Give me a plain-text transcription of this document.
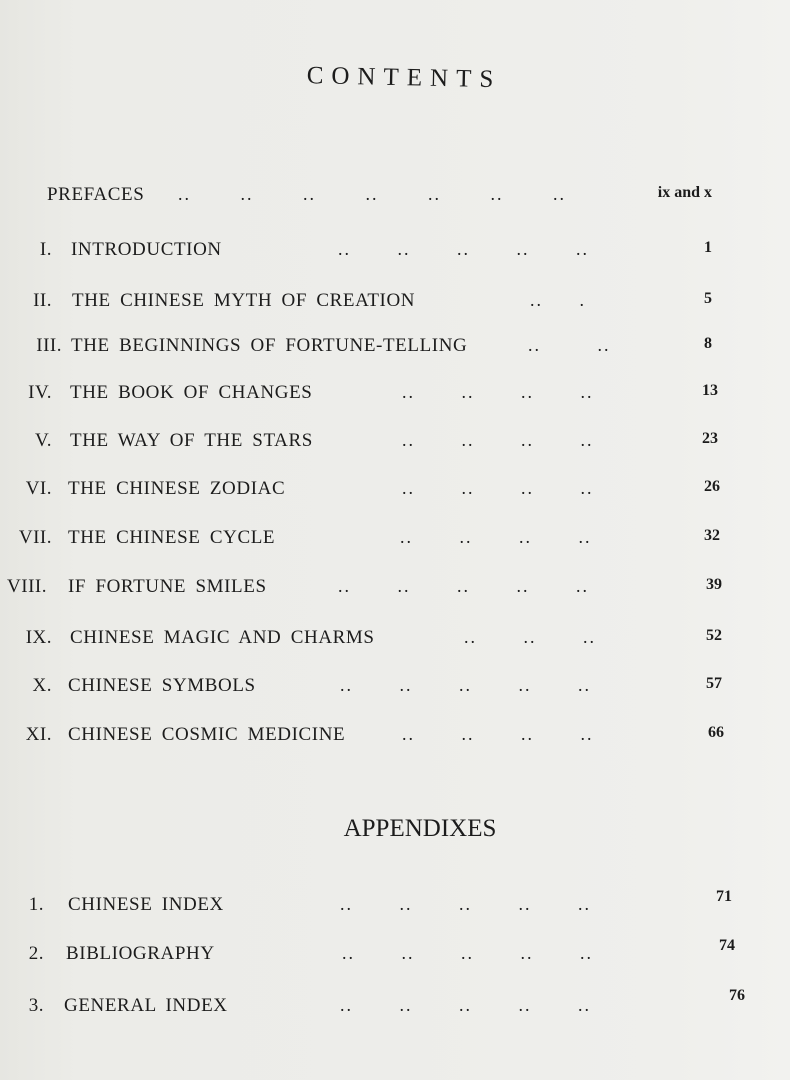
CONTENTS
PREFACES .. .. .. .. .. .. ..	ix and x
I. INTRODUCTION	.. .. .. .. ..	1
II. THE CHINESE MYTH OF CREATION	.. .	5
III. THE BEGINNINGS OF FORTUNE-TELLING	.. ..	8
IV. THE BOOK OF CHANGES	.. .. .. ..	13
V. THE WAY OF THE STARS	.. .. .. ..	23
VI. THE CHINESE ZODIAC	.. .. .. ..	26
VII. THE CHINESE CYCLE	.. .. .. ..	32
VIII. IF FORTUNE SMILES	.. .. .. .. ..	39
IX. CHINESE MAGIC AND CHARMS	.. .. ..	52
X. CHINESE SYMBOLS	.. .. .. .. ..	57
XI. CHINESE COSMIC MEDICINE	.. .. .. ..	66
APPENDIXES
1. CHINESE INDEX	.. .. .. .. ..	71
2. BIBLIOGRAPHY	.. .. .. .. ..	74
3. GENERAL INDEX	.. .. .. .. ..	76
